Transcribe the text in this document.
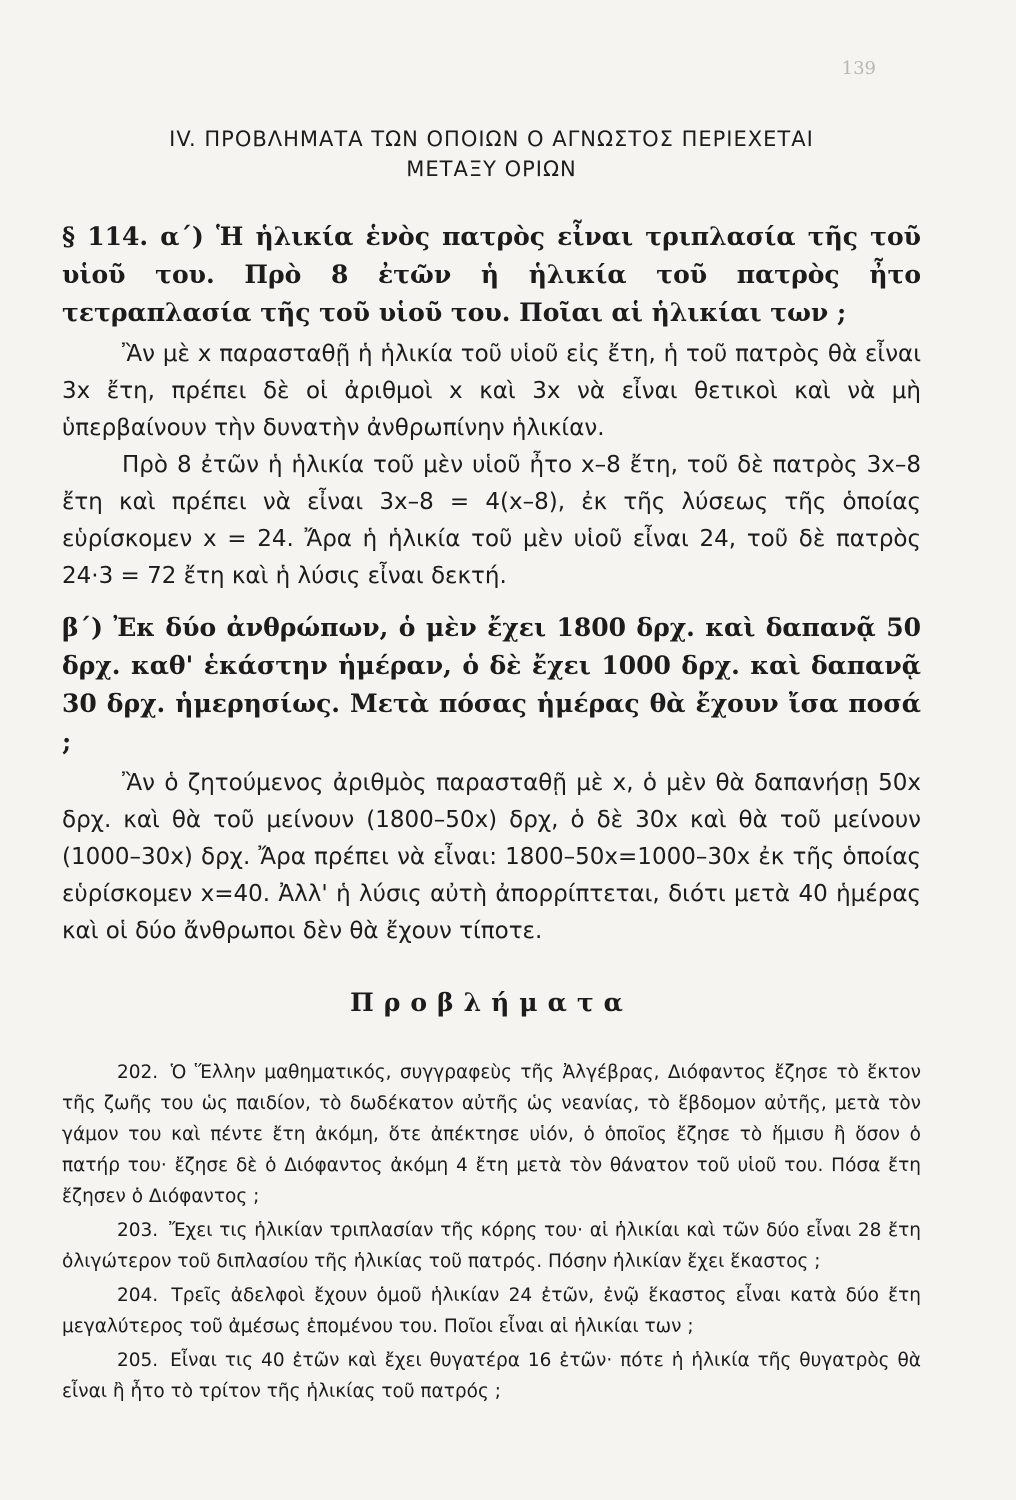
139
IV. ΠΡΟΒΛΗΜΑΤΑ ΤΩΝ ΟΠΟΙΩΝ Ο ΑΓΝΩΣΤΟΣ ΠΕΡΙΕΧΕΤΑΙ
ΜΕΤΑΞΥ ΟΡΙΩΝ

§ 114. α΄) Ἡ ἡλικία ἑνὸς πατρὸς εἶναι τριπλασία τῆς τοῦ υἱοῦ του. Πρὸ 8 ἐτῶν ἡ ἡλικία τοῦ πατρὸς ἦτο τετραπλασία τῆς τοῦ υἱοῦ του. Ποῖαι αἱ ἡλικίαι των ;

Ἂν μὲ x παρασταθῇ ἡ ἡλικία τοῦ υἱοῦ εἰς ἔτη, ἡ τοῦ πατρὸς θὰ εἶναι 3x ἔτη, πρέπει δὲ οἱ ἀριθμοὶ x καὶ 3x νὰ εἶναι θετικοὶ καὶ νὰ μὴ ὑπερβαίνουν τὴν δυνατὴν ἀνθρωπίνην ἡλικίαν.

Πρὸ 8 ἐτῶν ἡ ἡλικία τοῦ μὲν υἱοῦ ἦτο x–8 ἔτη, τοῦ δὲ πατρὸς 3x–8 ἔτη καὶ πρέπει νὰ εἶναι 3x–8 = 4(x–8), ἐκ τῆς λύσεως τῆς ὁποίας εὑρίσκομεν x = 24. Ἄρα ἡ ἡλικία τοῦ μὲν υἱοῦ εἶναι 24, τοῦ δὲ πατρὸς 24·3 = 72 ἔτη καὶ ἡ λύσις εἶναι δεκτή.

β΄) Ἐκ δύο ἀνθρώπων, ὁ μὲν ἔχει 1800 δρχ. καὶ δαπανᾷ 50 δρχ. καθ' ἑκάστην ἡμέραν, ὁ δὲ ἔχει 1000 δρχ. καὶ δαπανᾷ 30 δρχ. ἡμερησίως. Μετὰ πόσας ἡμέρας θὰ ἔχουν ἴσα ποσά ;

Ἂν ὁ ζητούμενος ἀριθμὸς παρασταθῇ μὲ x, ὁ μὲν θὰ δαπανήσῃ 50x δρχ. καὶ θὰ τοῦ μείνουν (1800–50x) δρχ, ὁ δὲ 30x καὶ θὰ τοῦ μείνουν (1000–30x) δρχ. Ἄρα πρέπει νὰ εἶναι: 1800–50x=1000–30x ἐκ τῆς ὁποίας εὑρίσκομεν x=40. Ἀλλ' ἡ λύσις αὐτὴ ἀπορρίπτεται, διότι μετὰ 40 ἡμέρας καὶ οἱ δύο ἄνθρωποι δὲν θὰ ἔχουν τίποτε.

Προβλήματα

202. Ὁ Ἕλλην μαθηματικός, συγγραφεὺς τῆς Ἀλγέβρας, Διόφαντος ἔζησε τὸ ἕκτον τῆς ζωῆς του ὡς παιδίον, τὸ δωδέκατον αὐτῆς ὡς νεανίας, τὸ ἕβδομον αὐτῆς, μετὰ τὸν γάμον του καὶ πέντε ἔτη ἀκόμη, ὅτε ἀπέκτησε υἱόν, ὁ ὁποῖος ἔζησε τὸ ἥμισυ ἢ ὅσον ὁ πατήρ του· ἔζησε δὲ ὁ Διόφαντος ἀκόμη 4 ἔτη μετὰ τὸν θάνατον τοῦ υἱοῦ του. Πόσα ἔτη ἔζησεν ὁ Διόφαντος ;

203. Ἔχει τις ἡλικίαν τριπλασίαν τῆς κόρης του· αἱ ἡλικίαι καὶ τῶν δύο εἶναι 28 ἔτη ὀλιγώτερον τοῦ διπλασίου τῆς ἡλικίας τοῦ πατρός. Πόσην ἡλικίαν ἔχει ἕκαστος ;

204. Τρεῖς ἀδελφοὶ ἔχουν ὁμοῦ ἡλικίαν 24 ἐτῶν, ἐνῷ ἕκαστος εἶναι κατὰ δύο ἔτη μεγαλύτερος τοῦ ἀμέσως ἑπομένου του. Ποῖοι εἶναι αἱ ἡλικίαι των ;

205. Εἶναι τις 40 ἐτῶν καὶ ἔχει θυγατέρα 16 ἐτῶν· πότε ἡ ἡλικία τῆς θυγατρὸς θὰ εἶναι ἢ ἦτο τὸ τρίτον τῆς ἡλικίας τοῦ πατρός ;
